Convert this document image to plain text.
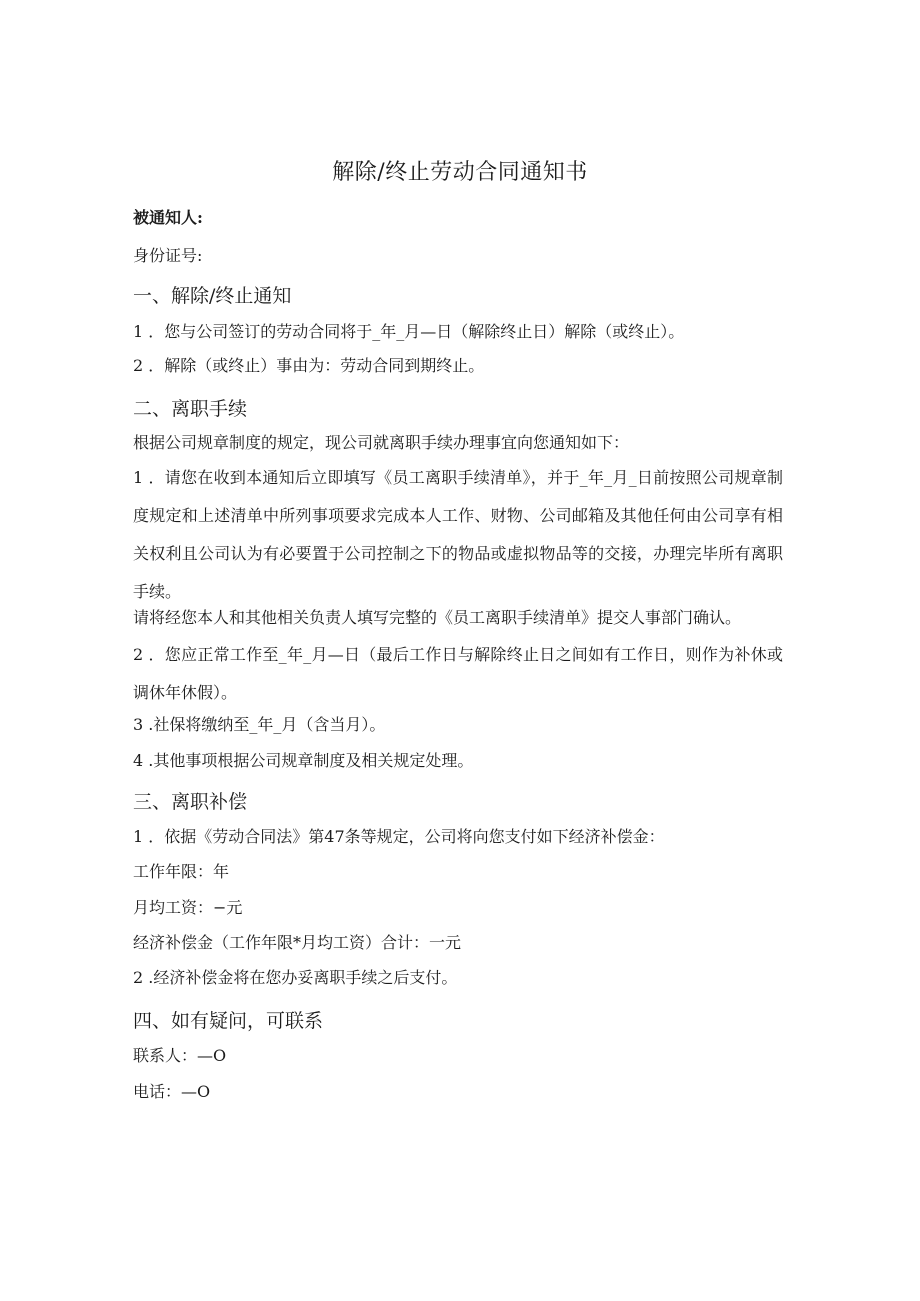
解除/终止劳动合同通知书
被通知人:
身份证号:
一、解除/终止通知
1 ．您与公司签订的劳动合同将于_年_月—日（解除终止日）解除（或终止）。
2 ．解除（或终止）事由为：劳动合同到期终止。
二、离职手续
根据公司规章制度的规定，现公司就离职手续办理事宜向您通知如下：
1 ．请您在收到本通知后立即填写《员工离职手续清单》，并于_年_月_日前按照公司规章制度规定和上述清单中所列事项要求完成本人工作、财物、公司邮箱及其他任何由公司享有相关权利且公司认为有必要置于公司控制之下的物品或虚拟物品等的交接，办理完毕所有离职手续。
请将经您本人和其他相关负责人填写完整的《员工离职手续清单》提交人事部门确认。
2 ．您应正常工作至_年_月—日（最后工作日与解除终止日之间如有工作日，则作为补休或调休年休假）。
3 .社保将缴纳至_年_月（含当月）。
4 .其他事项根据公司规章制度及相关规定处理。
三、离职补偿
1 ．依据《劳动合同法》第47条等规定，公司将向您支付如下经济补偿金：
工作年限：年
月均工资：−元
经济补偿金（工作年限*月均工资）合计：一元
2 .经济补偿金将在您办妥离职手续之后支付。
四、如有疑问，可联系
联系人：—O
电话：—O
